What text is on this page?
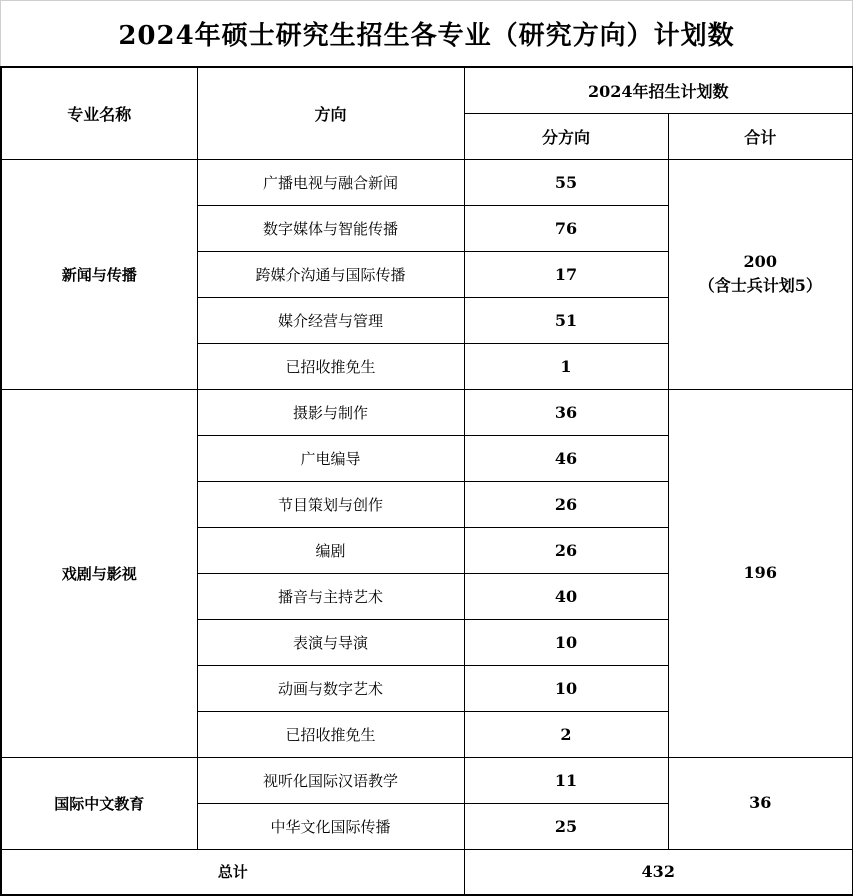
2024年硕士研究生招生各专业（研究方向）计划数
专业名称	方向	2024年招生计划数	
		分方向	合计
新闻与传播	广播电视与融合新闻	55	200
（含士兵计划5）

	数字媒体与智能传播	76	
	跨媒介沟通与国际传播	17	
	媒介经营与管理	51	
	已招收推免生	1	
戏剧与影视	摄影与制作	36	196

	广电编导	46	
	节目策划与创作	26	
	编剧	26	
	播音与主持艺术	40	
	表演与导演	10	
	动画与数字艺术	10	
	已招收推免生	2	
国际中文教育	视听化国际汉语教学	11	36

	中华文化国际传播	25	
总计		432	
